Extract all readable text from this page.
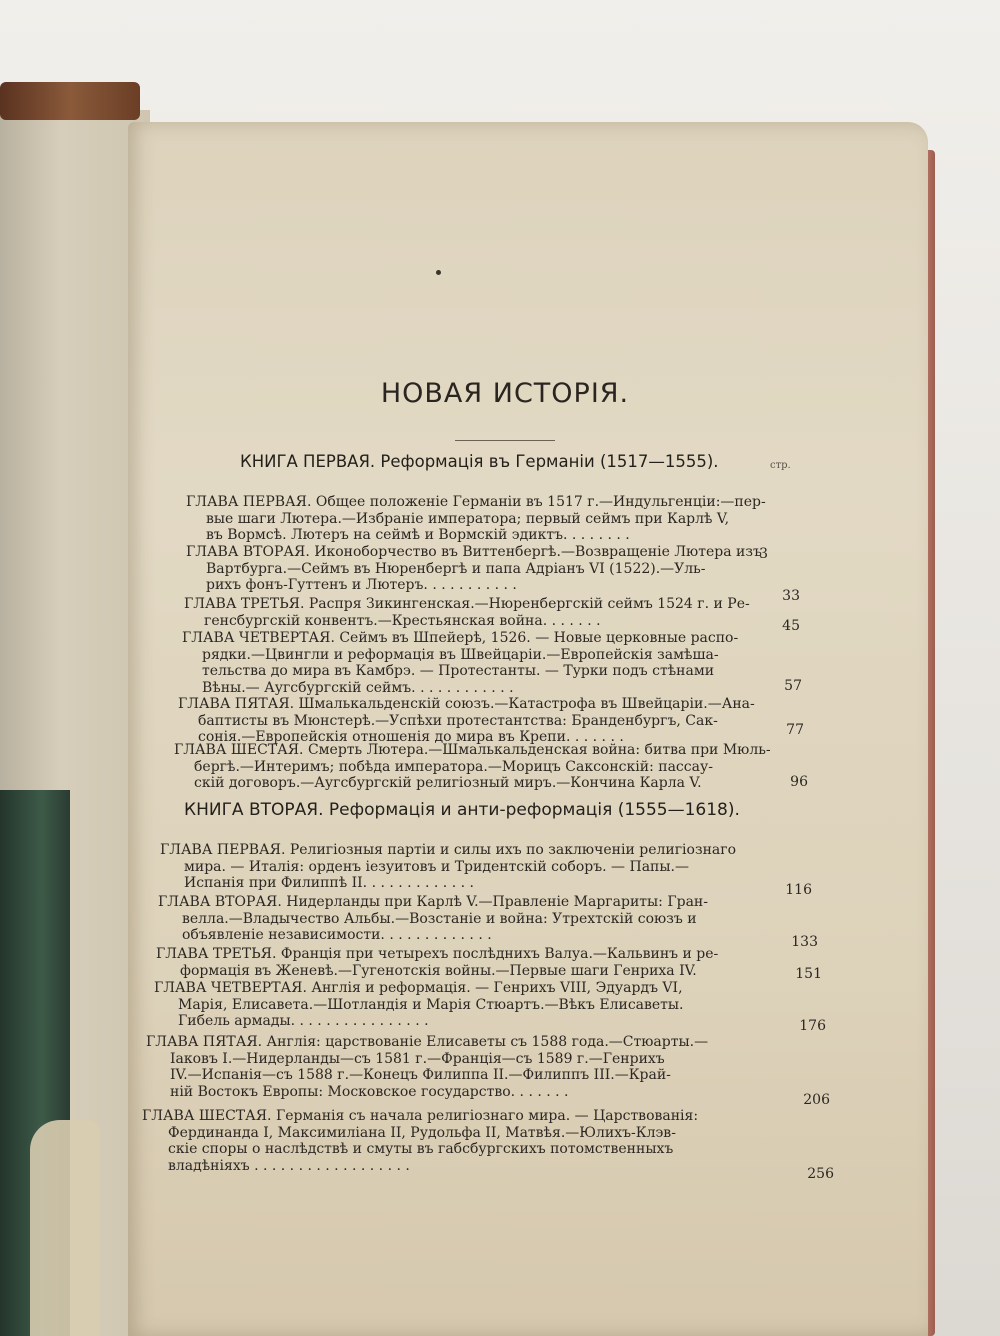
НОВАЯ ИСТОРІЯ.
стр.
КНИГА ПЕРВАЯ. Реформація въ Германіи (1517—1555).
ГЛАВА ПЕРВАЯ. Общее положеніе Германіи въ 1517 г.—Индульгенціи:—пер-
вые шаги Лютера.—Избраніе императора; первый сеймъ при Карлѣ V,
въ Вормсѣ. Лютеръ на сеймѣ и Вормскій эдиктъ. . . . . . . .
3
ГЛАВА ВТОРАЯ. Иконоборчество въ Виттенбергѣ.—Возвращеніе Лютера изъ
Вартбурга.—Сеймъ въ Нюренбергѣ и папа Адріанъ VI (1522).—Уль-
рихъ фонъ-Гуттенъ и Лютеръ. . . . . . . . . . .
33
ГЛАВА ТРЕТЬЯ. Распря Зикингенская.—Нюренбергскій сеймъ 1524 г. и Ре-
генсбургскій конвентъ.—Крестьянская война. . . . . . .	45
ГЛАВА ЧЕТВЕРТАЯ. Сеймъ въ Шпейерѣ, 1526. — Новые церковные распо-
рядки.—Цвингли и реформація въ Швейцаріи.—Европейскія замѣша-
тельства до мира въ Камбрэ. — Протестанты. — Турки подъ стѣнами
Вѣны.— Аугсбургскій сеймъ. . . . . . . . . . . .	57
ГЛАВА ПЯТАЯ. Шмалькальденскій союзъ.—Катастрофа въ Швейцаріи.—Ана-
баптисты въ Мюнстерѣ.—Успѣхи протестантства: Бранденбургъ, Сак-
сонія.—Европейскія отношенія до мира въ Крепи. . . . . . .	77
ГЛАВА ШЕСТАЯ. Смерть Лютера.—Шмалькальденская война: битва при Мюль-
бергѣ.—Интеримъ; побѣда императора.—Морицъ Саксонскій: пассау-
скій договоръ.—Аугсбургскій религіозный миръ.—Кончина Карла V.	96
КНИГА ВТОРАЯ. Реформація и анти-реформація (1555—1618).
ГЛАВА ПЕРВАЯ. Религіозныя партіи и силы ихъ по заключеніи религіознаго
мира. — Италія: орденъ іезуитовъ и Тридентскій соборъ. — Папы.—
Испанія при Филиппѣ II. . . . . . . . . . . . .	116
ГЛАВА ВТОРАЯ. Нидерланды при Карлѣ V.—Правленіе Маргариты: Гран-
велла.—Владычество Альбы.—Возстаніе и война: Утрехтскій союзъ и
объявленіе независимости. . . . . . . . . . . . .	133
ГЛАВА ТРЕТЬЯ. Франція при четырехъ послѣднихъ Валуа.—Кальвинъ и ре-
формація въ Женевѣ.—Гугенотскія войны.—Первые шаги Генриха IV.	151
ГЛАВА ЧЕТВЕРТАЯ. Англія и реформація. — Генрихъ VIII, Эдуардъ VI,
Марія, Елисавета.—Шотландія и Марія Стюартъ.—Вѣкъ Елисаветы.
Гибель армады. . . . . . . . . . . . . . . .	176
ГЛАВА ПЯТАЯ. Англія: царствованіе Елисаветы съ 1588 года.—Стюарты.—
Іаковъ I.—Нидерланды—съ 1581 г.—Франція—съ 1589 г.—Генрихъ
IV.—Испанія—съ 1588 г.—Конецъ Филиппа II.—Филиппъ III.—Край-
ній Востокъ Европы: Московское государство. . . . . . .
206
ГЛАВА ШЕСТАЯ. Германія съ начала религіознаго мира. — Царствованія:
Фердинанда I, Максимиліана II, Рудольфа II, Матвѣя.—Юлихъ-Клэв-
скіе споры о наслѣдствѣ и смуты въ габсбургскихъ потомственныхъ
владѣніяхъ . . . . . . . . . . . . . . . . . .
256
